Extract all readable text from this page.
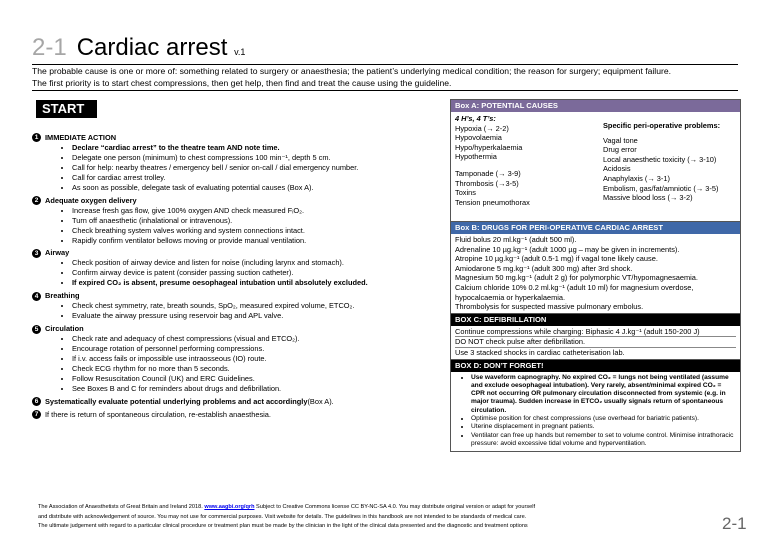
2-1 Cardiac arrest v.1
The probable cause is one or more of: something related to surgery or anaesthesia; the patient’s underlying medical condition; the reason for surgery; equipment failure.
The first priority is to start chest compressions, then get help, then find and treat the cause using the guideline.
START
1 IMMEDIATE ACTION
• Declare “cardiac arrest” to the theatre team AND note time.
• Delegate one person (minimum) to chest compressions 100 min⁻¹, depth 5 cm.
• Call for help: nearby theatres / emergency bell / senior on-call / dial emergency number.
• Call for cardiac arrest trolley.
• As soon as possible, delegate task of evaluating potential causes (Box A).
2 Adequate oxygen delivery
• Increase fresh gas flow, give 100% oxygen AND check measured FᵢO₂.
• Turn off anaesthetic (inhalational or intravenous).
• Check breathing system valves working and system connections intact.
• Rapidly confirm ventilator bellows moving or provide manual ventilation.
3 Airway
• Check position of airway device and listen for noise (including larynx and stomach).
• Confirm airway device is patent (consider passing suction catheter).
• If expired CO₂ is absent, presume oesophageal intubation until absolutely excluded.
4 Breathing
• Check chest symmetry, rate, breath sounds, SpO₂, measured expired volume, ETCO₂.
• Evaluate the airway pressure using reservoir bag and APL valve.
5 Circulation
• Check rate and adequacy of chest compressions (visual and ETCO₂).
• Encourage rotation of personnel performing compressions.
• If i.v. access fails or impossible use intraosseous (IO) route.
• Check ECG rhythm for no more than 5 seconds.
• Follow Resuscitation Council (UK) and ERC Guidelines.
• See Boxes B and C for reminders about drugs and defibrillation.
6 Systematically evaluate potential underlying problems and act accordingly (Box A).
7 If there is return of spontaneous circulation, re-establish anaesthesia.
Box A: POTENTIAL CAUSES
4 H’s, 4 T’s:
Hypoxia (→ 2-2)
Hypovolaemia
Hypo/hyperkalaemia
Hypothermia
Tamponade (→ 3-9)
Thrombosis (→3-5)
Toxins
Tension pneumothorax
Specific peri-operative problems:
Vagal tone
Drug error
Local anaesthetic toxicity (→ 3-10)
Acidosis
Anaphylaxis (→ 3-1)
Embolism, gas/fat/amniotic (→ 3-5)
Massive blood loss (→ 3-2)
Box B: DRUGS FOR PERI-OPERATIVE CARDIAC ARREST
Fluid bolus 20 ml.kg⁻¹ (adult 500 ml).
Adrenaline 10 µg.kg⁻¹ (adult 1000 µg – may be given in increments).
Atropine 10 µg.kg⁻¹ (adult 0.5-1 mg) if vagal tone likely cause.
Amiodarone 5 mg.kg⁻¹ (adult 300 mg) after 3rd shock.
Magnesium 50 mg.kg⁻¹ (adult 2 g) for polymorphic VT/hypomagnesaemia.
Calcium chloride 10% 0.2 ml.kg⁻¹ (adult 10 ml) for magnesium overdose,
hypocalcaemia or hyperkalaemia.
Thrombolysis for suspected massive pulmonary embolus.
BOX C: DEFIBRILLATION
Continue compressions while charging: Biphasic 4 J.kg⁻¹ (adult 150-200 J)
DO NOT check pulse after defibrillation.
Use 3 stacked shocks in cardiac catheterisation lab.
BOX D: DON’T FORGET!
• Use waveform capnography. No expired CO₂ = lungs not being ventilated (assume and exclude oesophageal intubation). Very rarely, absent/minimal expired CO₂ = CPR not occurring OR pulmonary circulation disconnected from systemic (e.g. in major trauma). Sudden increase in ETCO₂ usually signals return of spontaneous circulation.
• Optimise position for chest compressions (use overhead for bariatric patients).
• Uterine displacement in pregnant patients.
• Ventilator can free up hands but remember to set to volume control. Minimise intrathoracic pressure: avoid excessive tidal volume and hyperventilation.
The Association of Anaesthetists of Great Britain and Ireland 2018. www.aagbi.org/qrh Subject to Creative Commons license CC BY-NC-SA 4.0. You may distribute original version or adapt for yourself
and distribute with acknowledgement of source. You may not use for commercial purposes. Visit website for details. The guidelines in this handbook are not intended to be standards of medical care.
The ultimate judgement with regard to a particular clinical procedure or treatment plan must be made by the clinician in the light of the clinical data presented and the diagnostic and treatment options	2-1
